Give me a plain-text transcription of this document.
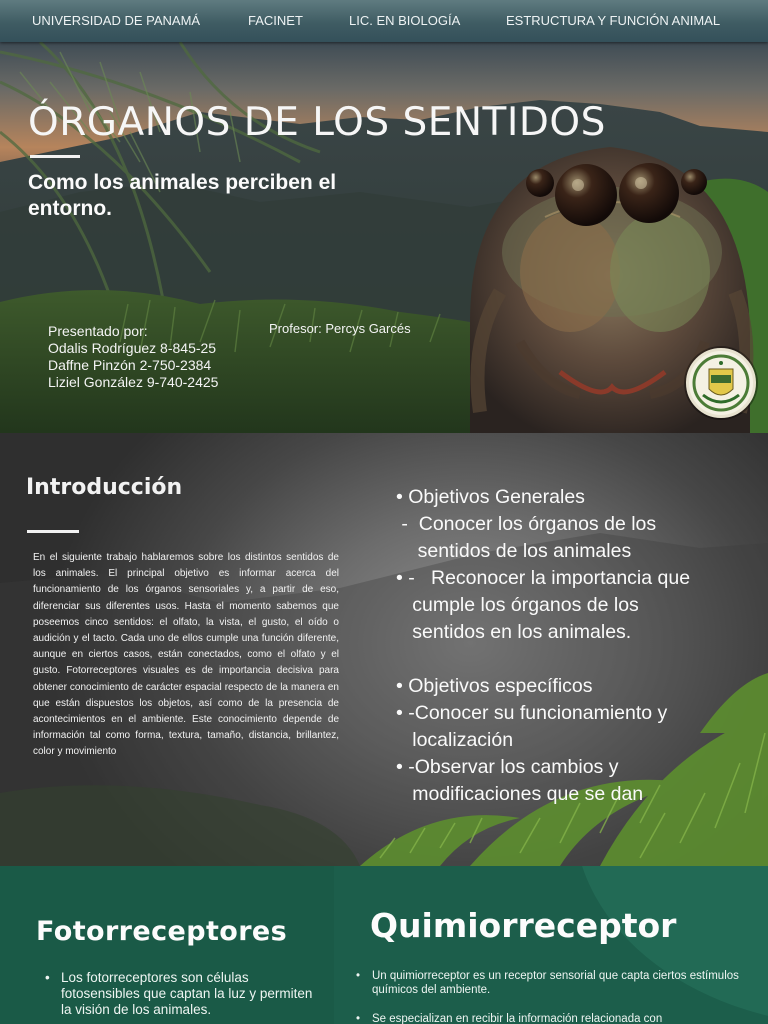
UNIVERSIDAD DE PANAMÁ	FACINET	LIC. EN BIOLOGÍA	ESTRUCTURA Y FUNCIÓN ANIMAL
ÓRGANOS DE LOS SENTIDOS
Como los animales perciben el entorno.
Presentado por:
Odalis Rodríguez 8-845-25
Daffne Pinzón 2-750-2384
Liziel González 9-740-2425
Profesor: Percys Garcés
Introducción

En el siguiente trabajo hablaremos sobre los distintos sentidos de los animales. El principal objetivo es informar acerca del funcionamiento de los órganos sensoriales y, a partir de eso, diferenciar sus diferentes usos. Hasta el momento sabemos que poseemos cinco sentidos: el olfato, la vista, el gusto, el oído o audición y el tacto. Cada uno de ellos cumple una función diferente, aunque en ciertos casos, están conectados, como el olfato y el gusto. Fotorreceptores visuales es de importancia decisiva para obtener conocimiento de carácter espacial respecto de la manera en que están dispuestos los objetos, así como de la presencia de acontecimientos en el ambiente. Este conocimiento depende de información tal como forma, textura, tamaño, distancia, brillantez, color y movimiento

• Objetivos Generales
-  Conocer los órganos de los
sentidos de los animales
• -   Reconocer la importancia que
cumple los órganos de los
sentidos en los animales.
• Objetivos específicos
• -Conocer su funcionamiento y
localización
• -Observar los cambios y
modificaciones que se dan
Fotorreceptores
• Los fotorreceptores son células fotosensibles que captan la luz y permiten la visión de los animales.
Quimiorreceptor
•	Un quimiorreceptor es un receptor sensorial que capta ciertos estímulos químicos del ambiente.
•	Se especializan en recibir la información relacionada con
